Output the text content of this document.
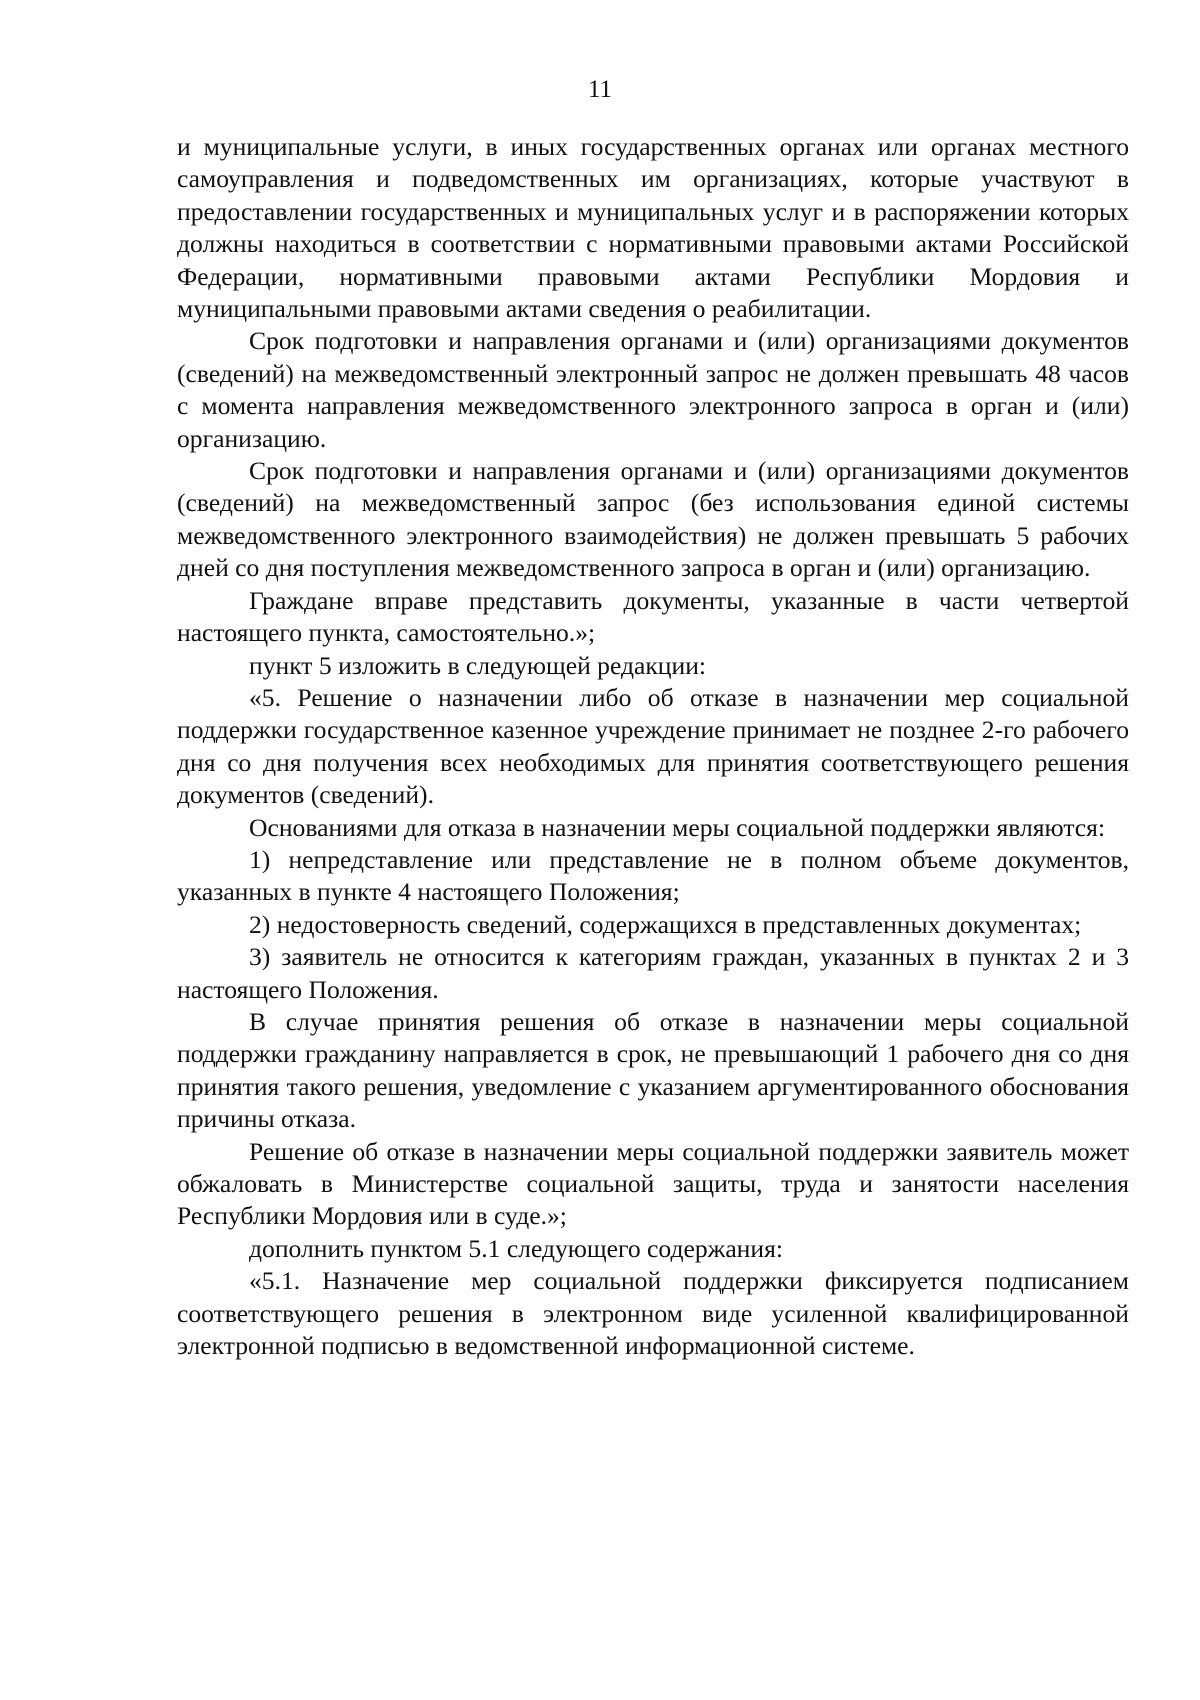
11

и муниципальные услуги, в иных государственных органах или органах местного самоуправления и подведомственных им организациях, которые участвуют в предоставлении государственных и муниципальных услуг и в распоряжении которых должны находиться в соответствии с нормативными правовыми актами Российской Федерации, нормативными правовыми актами Республики Мордовия и муниципальными правовыми актами сведения о реабилитации.

Срок подготовки и направления органами и (или) организациями документов (сведений) на межведомственный электронный запрос не должен превышать 48 часов с момента направления межведомственного электронного запроса в орган и (или) организацию.

Срок подготовки и направления органами и (или) организациями документов (сведений) на межведомственный запрос (без использования единой системы межведомственного электронного взаимодействия) не должен превышать 5 рабочих дней со дня поступления межведомственного запроса в орган и (или) организацию.

Граждане вправе представить документы, указанные в части четвертой настоящего пункта, самостоятельно.»;

пункт 5 изложить в следующей редакции:

«5. Решение о назначении либо об отказе в назначении мер социальной поддержки государственное казенное учреждение принимает не позднее 2-го рабочего дня со дня получения всех необходимых для принятия соответствующего решения документов (сведений).

Основаниями для отказа в назначении меры социальной поддержки являются:

1) непредставление или представление не в полном объеме документов, указанных в пункте 4 настоящего Положения;

2) недостоверность сведений, содержащихся в представленных документах;

3) заявитель не относится к категориям граждан, указанных в пунктах 2 и 3 настоящего Положения.

В случае принятия решения об отказе в назначении меры социальной поддержки гражданину направляется в срок, не превышающий 1 рабочего дня со дня принятия такого решения, уведомление с указанием аргументированного обоснования причины отказа.

Решение об отказе в назначении меры социальной поддержки заявитель может обжаловать в Министерстве социальной защиты, труда и занятости населения Республики Мордовия или в суде.»;

дополнить пунктом 5.1 следующего содержания:

«5.1. Назначение мер социальной поддержки фиксируется подписанием соответствующего решения в электронном виде усиленной квалифицированной электронной подписью в ведомственной информационной системе.
